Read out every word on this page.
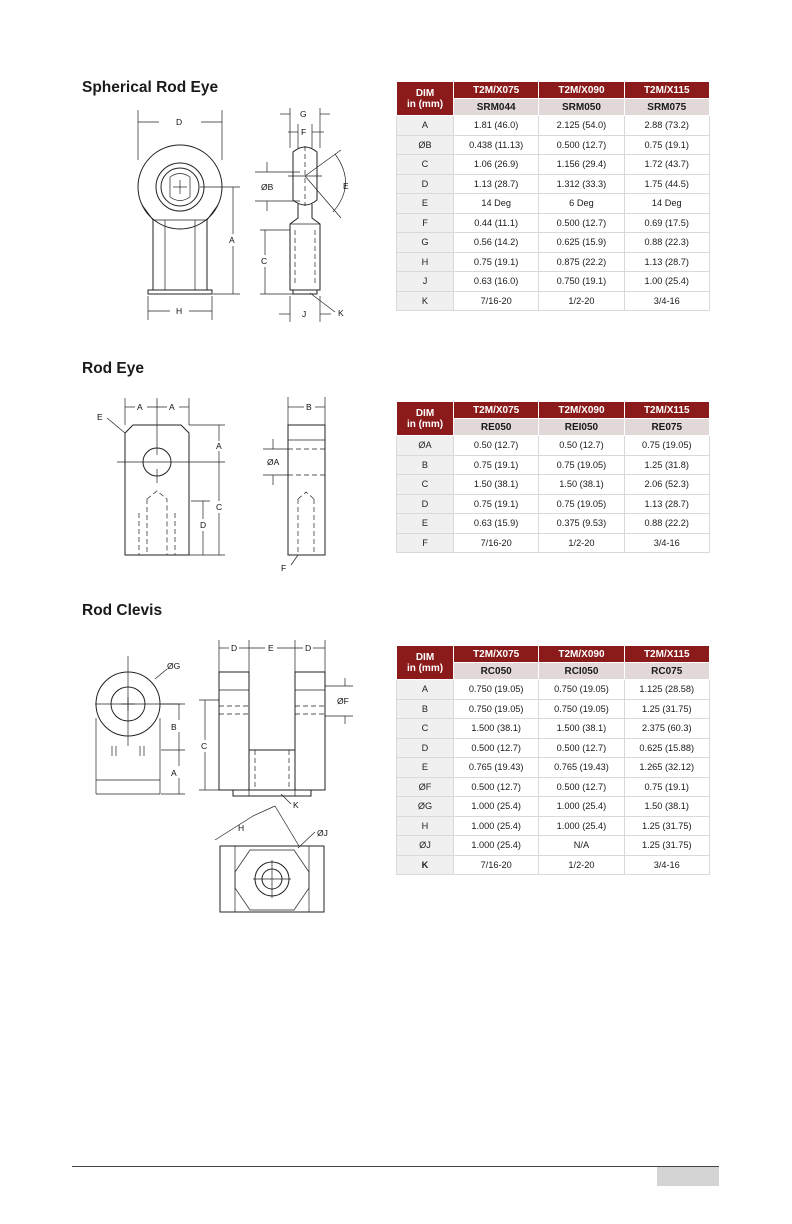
Spherical Rod Eye
D
A
H
G
F
ØB	E
C
J	K
DIM
in (mm)	T2M/X075	T2M/X090	T2M/X115
	SRM044	SRM050	SRM075
A	1.81 (46.0)	2.125 (54.0)	2.88 (73.2)
ØB	0.438 (11.13)	0.500 (12.7)	0.75 (19.1)
C	1.06 (26.9)	1.156 (29.4)	1.72 (43.7)
D	1.13 (28.7)	1.312 (33.3)	1.75 (44.5)
E	14 Deg	6 Deg	14 Deg
F	0.44 (11.1)	0.500 (12.7)	0.69 (17.5)
G	0.56 (14.2)	0.625 (15.9)	0.88 (22.3)
H	0.75 (19.1)	0.875 (22.2)	1.13 (28.7)
J	0.63 (16.0)	0.750 (19.1)	1.00 (25.4)
K	7/16-20	1/2-20	3/4-16
Rod Eye
A	A
E
A
C
D
B
ØA
F
DIM
in (mm)	T2M/X075	T2M/X090	T2M/X115
	RE050	REI050	RE075
ØA	0.50 (12.7)	0.50 (12.7)	0.75 (19.05)
B	0.75 (19.1)	0.75 (19.05)	1.25 (31.8)
C	1.50 (38.1)	1.50 (38.1)	2.06 (52.3)
D	0.75 (19.1)	0.75 (19.05)	1.13 (28.7)
E	0.63 (15.9)	0.375 (9.53)	0.88 (22.2)
F	7/16-20	1/2-20	3/4-16
Rod Clevis
ØG
B
A
D	E	D
ØF
C
K
H	ØJ
DIM
in (mm)	T2M/X075	T2M/X090	T2M/X115
	RC050	RCI050	RC075
A	0.750 (19.05)	0.750 (19.05)	1.125 (28.58)
B	0.750 (19.05)	0.750 (19.05)	1.25 (31.75)
C	1.500 (38.1)	1.500 (38.1)	2.375 (60.3)
D	0.500 (12.7)	0.500 (12.7)	0.625 (15.88)
E	0.765 (19.43)	0.765 (19.43)	1.265 (32.12)
ØF	0.500 (12.7)	0.500 (12.7)	0.75 (19.1)
ØG	1.000 (25.4)	1.000 (25.4)	1.50 (38.1)
H	1.000 (25.4)	1.000 (25.4)	1.25 (31.75)
ØJ	1.000 (25.4)	N/A	1.25 (31.75)
K	7/16-20	1/2-20	3/4-16
